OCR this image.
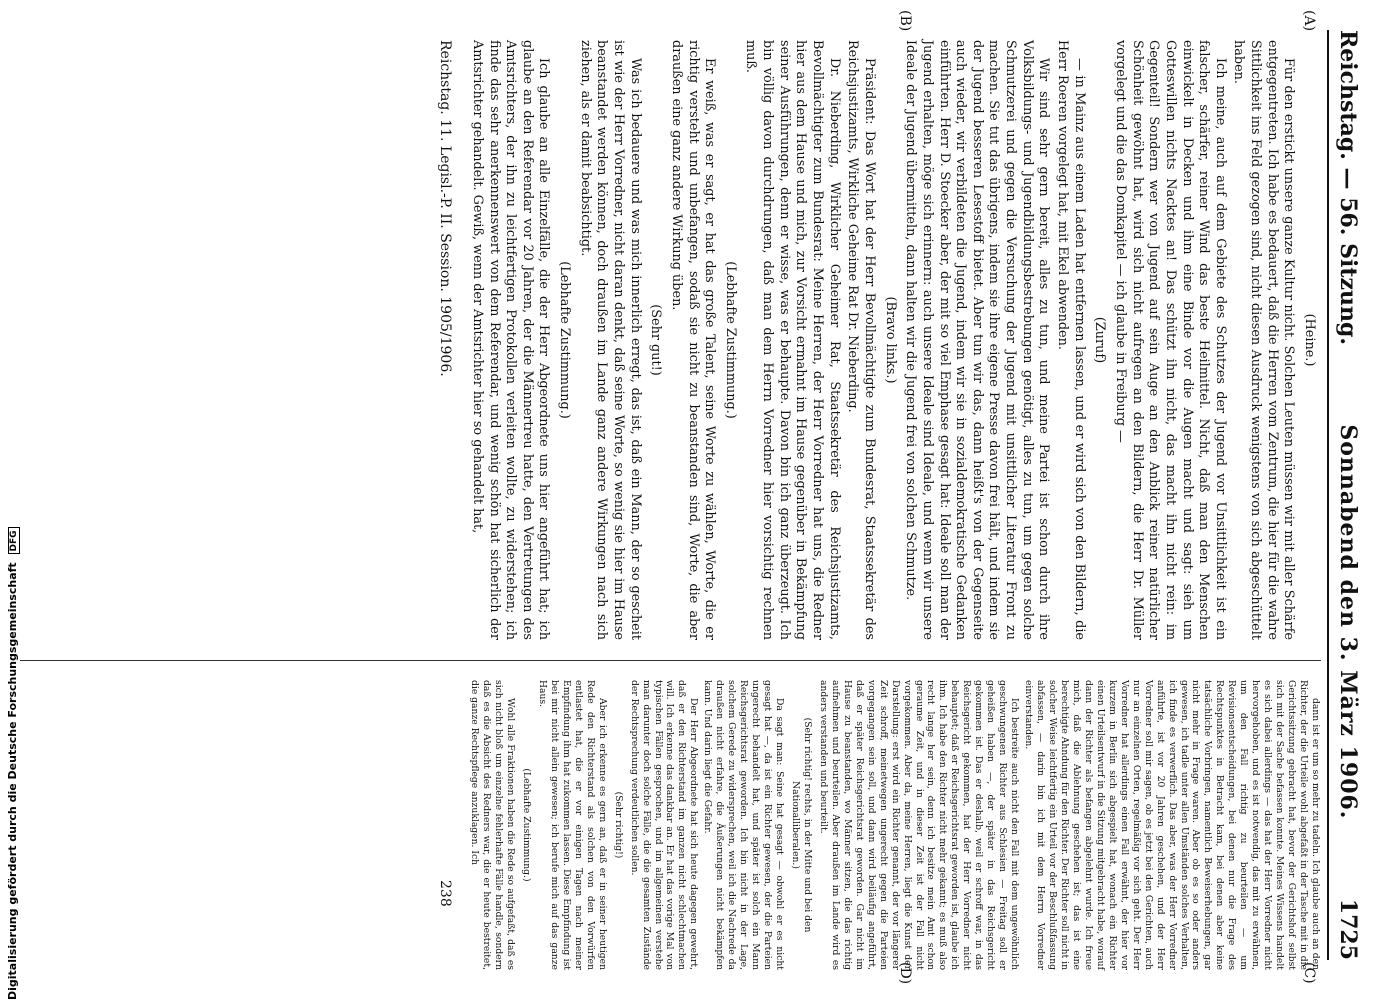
Reichstag. — 56. Sitzung.
Sonnabend den 3. März 1906.
1725
(A)
(B)
(C)
(D)

(Heine.)

Für den erstickt unsere ganze Kultur nicht. Solchen Leuten müssen wir mit aller Schärfe entgegentreten. Ich habe es bedauert, daß die Herren vom Zentrum, die hier für die wahre Sittlichkeit ins Feld gezogen sind, nicht diesen Ausdruck wenigstens von sich abgeschüttelt haben.

Ich meine, auch auf dem Gebiete des Schutzes der Jugend vor Unsittlichkeit ist ein falscher, schärfer, reiner Wind das beste Heilmittel. Nicht, daß man den Menschen einwickelt in Decken und ihm eine Binde vor die Augen macht und sagt: sieh um Gotteswillen nichts Nacktes an! Das schützt ihn nicht, das macht ihn nicht rein: im Gegenteil! Sondern wer von Jugend auf sein Auge an den Anblick reiner natürlicher Schönheit gewöhnt hat, wird sich nicht aufregen an den Bildern, die Herr Dr. Müller vorgelegt und die das Domkapitel — ich glaube in Freiburg —

(Zuruf)

— in Mainz aus einem Laden hat entfernen lassen, und er wird sich von den Bildern, die Herr Roeren vorgelegt hat, mit Ekel abwenden.

Wir sind sehr gern bereit, alles zu tun, und meine Partei ist schon durch ihre Volksbildungs- und Jugendbildungsbestrebungen genötigt, alles zu tun, um gegen solche Schmutzerei und gegen die Versuchung der Jugend mit unsittlicher Literatur Front zu machen. Sie tut das übrigens, indem sie ihre eigene Presse davon frei hält, und indem sie der Jugend besseren Lesestoff bietet. Aber tun wir das, dann heißt's von der Gegenseite auch wieder, wir verbildeten die Jugend, indem wir sie in sozialdemokratische Gedanken einführten. Herr D. Stoecker aber, der mit so viel Emphase gesagt hat: Ideale soll man der Jugend erhalten, möge sich erinnern: auch unsere Ideale sind Ideale, und wenn wir unsere Ideale der Jugend übermitteln, dann halten wir die Jugend frei von solchen Schmutze.

(Bravo links.)

Präsident: Das Wort hat der Herr Bevollmächtigte zum Bundesrat, Staatssekretär des Reichsjustizamts, Wirkliche Geheime Rat Dr. Nieberding.

Dr. Nieberding, Wirklicher Geheimer Rat, Staatssekretär des Reichsjustizamts, Bevollmächtigter zum Bundesrat: Meine Herren, der Herr Vorredner hat uns, die Redner hier aus dem Hause und mich, zur Vorsicht ermahnt im Hause gegenüber in Bekämpfung seiner Ausführungen, denn er wisse, was er behaupte. Davon bin ich ganz überzeugt. Ich bin völlig davon durchdrungen, daß man dem Herrn Vorredner hier vorsichtig rechnen muß.

(Lebhafte Zustimmung.)

Er weiß, was er sagt, er hat das große Talent, seine Worte zu wählen, Worte, die er richtig versteht und unbefangen, sodaß sie nicht zu beanstanden sind, Worte, die aber draußen eine ganz andere Wirkung üben.

(Sehr gut!)

Was ich bedauere und was mich innerlich erregt, das ist, daß ein Mann, der so gescheit ist wie der Herr Vorredner, nicht daran denkt, daß seine Worte, so wenig sie hier im Hause beanstandet werden können, doch draußen im Lande ganz andere Wirkungen nach sich ziehen, als er damit beabsichtigt.

(Lebhafte Zustimmung.)

Ich glaube an alle Einzelfälle, die der Herr Abgeordnete uns hier angeführt hat; ich glaube an den Referendar vor 20 Jahren, der die Männertreu hatte, den Vertretungen des Amtsrichters, der ihn zu leichtfertigen Protokollen verleiten wollte, zu widerstehen; ich finde das sehr anerkennenswert von dem Referendar, und wenig schön hat sicherlich der Amtsrichter gehandelt. Gewiß, wenn der Amtsrichter hier so gehandelt hat,

dann ist er um so mehr zu tadeln. Ich glaube auch an den Richter, der die Urteile wohl abgefaßt in der Tasche mit in die Gerichtssitzung gebracht hat, bevor der Gerichtshof selbst sich mit der Sache befassen konnte. Meines Wissens handelt es sich dabei allerdings — das hat der Herr Vorredner nicht hervorgehoben, und es ist notwendig, das mit zu erwähnen, um den Fall richtig zu beurteilen — um Revisionsentscheidungen, bei denen nur die Frage des Rechtspunktes in Betracht kam, bei denen aber keine tatsächliche Vorbringen, namentlich Beweiserhebungen, gar nicht mehr in Frage waren. Aber ob es so oder anders gewesen, ich tadle unter allen Umständen solches Verhalten, ich finde es verwerflich. Das aber, was der Herr Vorredner anführte, ist vor 20 Jahren geschehen, und der Herr Vorredner soll mir sagen, ob es jetzt bei den Gerichten, auch nur an einzelnen Orten, regelmäßig vor sich geht. Der Herr Vorredner hat allerdings einen Fall erwähnt, der hier vor kurzem in Berlin sich abgespielt hat, wonach ein Richter einen Urteilsentwurf in die Sitzung mitgebracht habe, worauf dann der Richter als befangen abgelehnt wurde. Ich freue mich, daß die Ablehnung geschehen ist; das ist eine berechtigte Ahndung für den Richter. Der Richter soll nicht in solcher Weise leichtfertig ein Urteil vor der Beschlußfassung abfassen, — darin bin ich mit dem Herrn Vorredner einverstanden.

Ich bestreite auch nicht den Fall mit dem ungewöhnlich geschwungenen Richter aus Schlesien — Freitag soll er geheißen haben —, der später in das Reichsgericht gekommen ist. Das er deshalb, weil er schroff war, in das Reichsgericht gekommen, hat der Herr Vorredner nicht behauptet; daß er Reichsgerichtsrat geworden ist, glaube ich ihm. Ich habe den Richter nicht mehr gekannt; es muß also recht lange her sein, denn ich besitze mein Amt schon geraume Zeit, und in dieser Zeit ist der Fall nicht vorgekommen. Aber da, meine Herren, liegt die Kunst der Darstellung: erst wird ein Richter genannt, der vor längerer Zeit schroff, meinetwegen ungerecht gegen die Parteien vorgegangen sein soll, und dann wird beiläufig angeführt, daß er später Reichsgerichtsrat geworden. Gar nicht im Hause zu beanstanden, wo Männer sitzen, die das richtig aufnehmen und beurteilen. Aber draußen im Lande wird es anders verstanden und beurteilt.

(Sehr richtig! rechts, in der Mitte und bei den Nationalliberalen.)

Da sagt man: Seine hat gesagt — obwohl er es nicht gesagt hat —, da ist ein Richter gewesen, der die Parteien ungerecht behandelt hat, und später ist solch ein Mann Reichsgerichtsrat geworden. Ich bin nicht in der Lage, solchem Gerede zu widersprechen, weil ich die Nachrede da draußen nicht erfahre, die Äußerungen nicht bekämpfen kann. Und darin liegt die Gefahr.

Der Herr Abgeordnete hat sich heute dagegen gewehrt, daß er den Richterstand im ganzen nicht schlechtmachen will. Ich erkenne das dankbar an. Er hat das vorige Mal von typischen Fällen gesprochen, und im allgemeinen verstehe man darunter doch solche Fälle, die die gesamten Zustände der Rechtsprechung verdeutlichen sollen.

(Sehr richtig!)

Aber ich erkenne es gern an, daß er in seiner heutigen Rede den Richterstand als solchen von den Vorwürfen entlastet hat, die er vor einigen Tagen nach meiner Empfindung ihm hat zukommen lassen. Diese Empfindung ist bei mir nicht allein gewesen; ich berufe mich auf das ganze Haus.

(Lebhafte Zustimmung.)

Wohl alle Fraktionen haben die Rede so aufgefaßt, daß es sich nicht bloß um einzelne fehlerhafte Fälle handle, sondern daß es die Absicht des Redners war, die er heute bestreitet, die ganze Rechtspflege anzuklagen. Ich

Reichstag. 11. Legisl.-P. II. Session. 1905/1906.
238
Digitalisierung gefördert durch die Deutsche Forschungsgemeinschaft DFG
